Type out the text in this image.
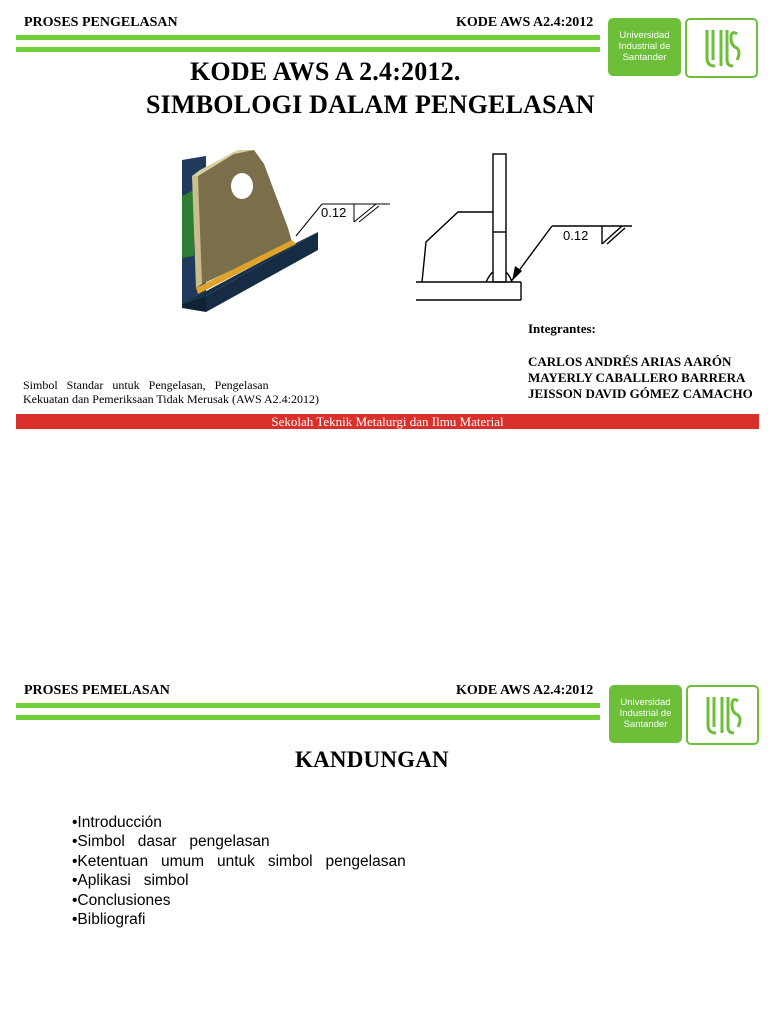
PROSES PENGELASAN	KODE AWS A2.4:2012
Universidad
Industrial de
Santander
KODE AWS A 2.4:2012.
SIMBOLOGI DALAM PENGELASAN
0.12
0.12
Simbol   Standar   untuk   Pengelasan,   Pengelasan
Kekuatan dan Pemeriksaan Tidak Merusak (AWS A2.4:2012)
Integrantes:
CARLOS ANDRÉS ARIAS AARÓN
MAYERLY CABALLERO BARRERA
JEISSON DAVID GÓMEZ CAMACHO
Sekolah Teknik Metalurgi dan Ilmu Material
PROSES PEMELASAN	KODE AWS A2.4:2012
Universidad
Industrial de
Santander
KANDUNGAN
•Introducción
•Simbol   dasar   pengelasan
•Ketentuan   umum   untuk   simbol   pengelasan
•Aplikasi   simbol
•Conclusiones
•Bibliografi
